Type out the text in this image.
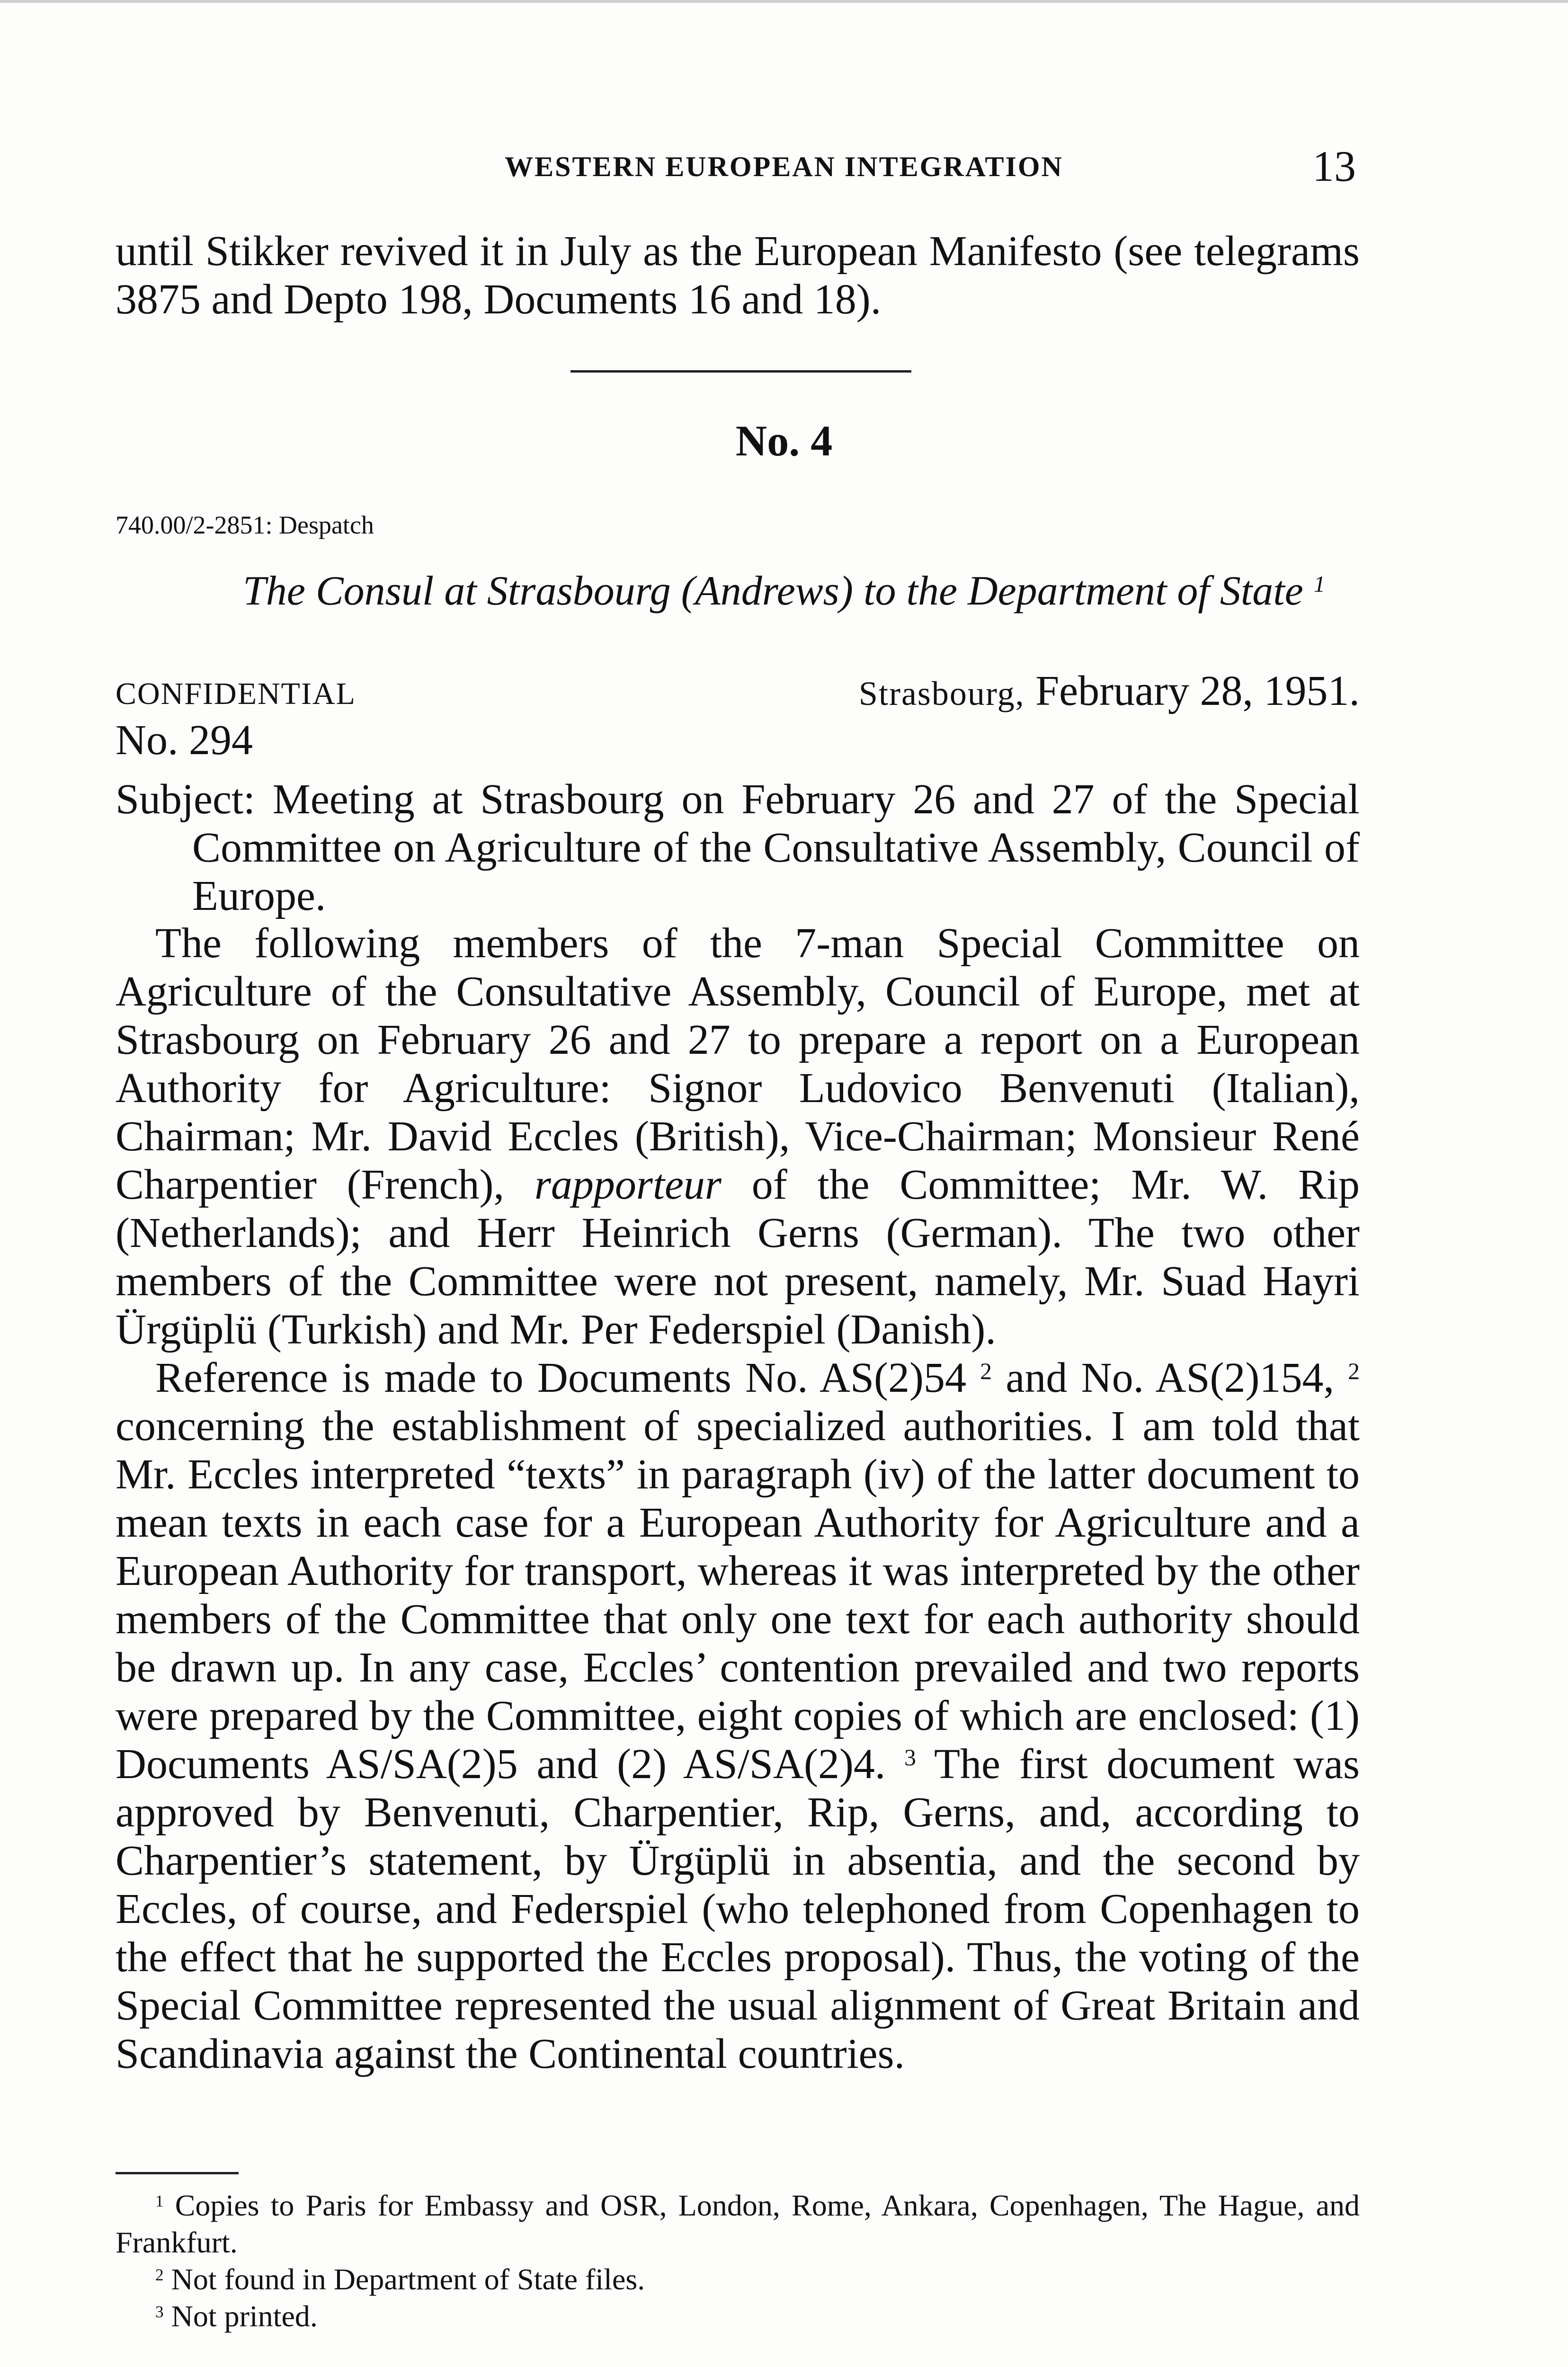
WESTERN EUROPEAN INTEGRATION	13
until Stikker revived it in July as the European Manifesto (see telegrams 3875 and Depto 198, Documents 16 and 18).
No. 4
740.00/2-2851: Despatch
The Consul at Strasbourg (Andrews) to the Department of State $^1$
CONFIDENTIAL	Strasbourg, February 28, 1951.
No. 294
Subject: Meeting at Strasbourg on February 26 and 27 of the Special Committee on Agriculture of the Consultative Assembly, Council of Europe.
The following members of the 7-man Special Committee on Agriculture of the Consultative Assembly, Council of Europe, met at Strasbourg on February 26 and 27 to prepare a report on a European Authority for Agriculture: Signor Ludovico Benvenuti (Italian), Chairman; Mr. David Eccles (British), Vice-Chairman; Monsieur René Charpentier (French), rapporteur of the Committee; Mr. W. Rip (Netherlands); and Herr Heinrich Gerns (German). The two other members of the Committee were not present, namely, Mr. Suad Hayri Ürgüplü (Turkish) and Mr. Per Federspiel (Danish).
Reference is made to Documents No. AS(2)54 $^2$ and No. AS(2)154, $^2$ concerning the establishment of specialized authorities. I am told that Mr. Eccles interpreted “texts” in paragraph (iv) of the latter document to mean texts in each case for a European Authority for Agriculture and a European Authority for transport, whereas it was interpreted by the other members of the Committee that only one text for each authority should be drawn up. In any case, Eccles’ contention prevailed and two reports were prepared by the Committee, eight copies of which are enclosed: (1) Documents AS/SA(2)5 and (2) AS/SA(2)4. $^3$ The first document was approved by Benvenuti, Charpentier, Rip, Gerns, and, according to Charpentier’s statement, by Ürgüplü in absentia, and the second by Eccles, of course, and Federspiel (who telephoned from Copenhagen to the effect that he supported the Eccles proposal). Thus, the voting of the Special Committee represented the usual alignment of Great Britain and Scandinavia against the Continental countries.

$^1$ Copies to Paris for Embassy and OSR, London, Rome, Ankara, Copenhagen, The Hague, and Frankfurt.

$^2$ Not found in Department of State files.

$^3$ Not printed.
